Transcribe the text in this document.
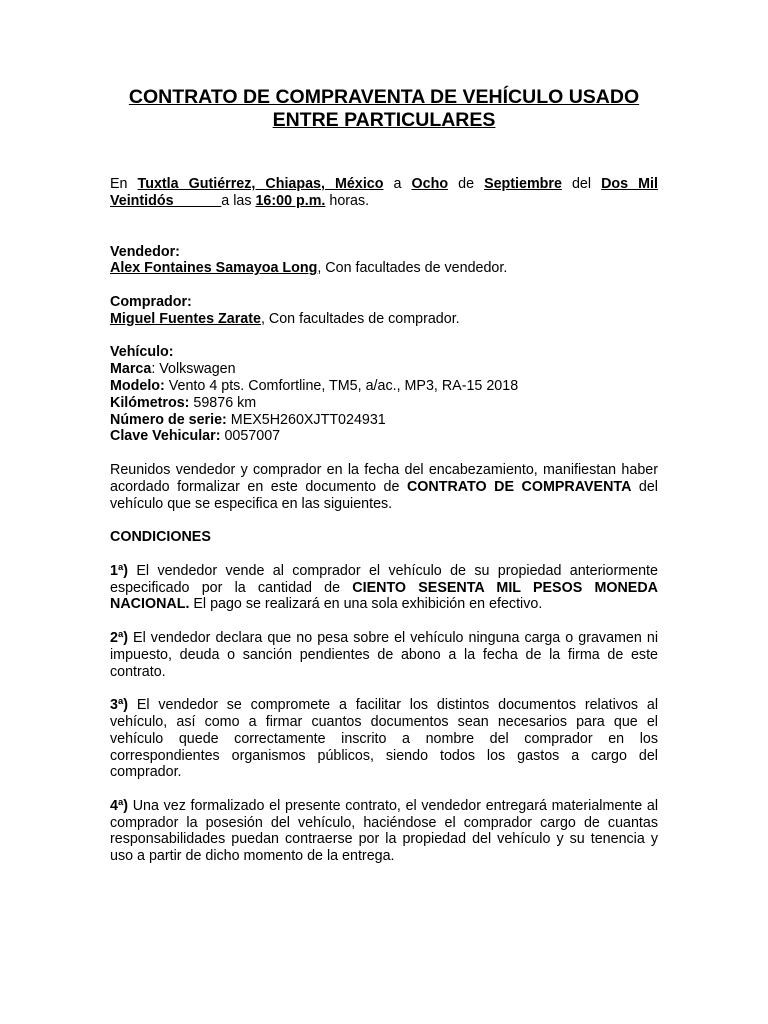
CONTRATO DE COMPRAVENTA DE VEHÍCULO USADO
ENTRE PARTICULARES

En Tuxtla Gutiérrez, Chiapas, México a Ocho de Septiembre del Dos Mil Veintidós______a las 16:00 p.m. horas.

Vendedor:
Alex Fontaines Samayoa Long, Con facultades de vendedor.
Comprador:
Miguel Fuentes Zarate, Con facultades de comprador.
Vehículo:
Marca: Volkswagen
Modelo: Vento 4 pts. Comfortline, TM5, a/ac., MP3, RA-15 2018
Kilómetros: 59876 km
Número de serie: MEX5H260XJTT024931
Clave Vehicular: 0057007

Reunidos vendedor y comprador en la fecha del encabezamiento, manifiestan haber acordado formalizar en este documento de CONTRATO DE COMPRAVENTA del vehículo que se especifica en las siguientes.

CONDICIONES

1ª) El vendedor vende al comprador el vehículo de su propiedad anteriormente especificado por la cantidad de CIENTO SESENTA MIL PESOS MONEDA NACIONAL. El pago se realizará en una sola exhibición en efectivo.

2ª) El vendedor declara que no pesa sobre el vehículo ninguna carga o gravamen ni impuesto, deuda o sanción pendientes de abono a la fecha de la firma de este contrato.

3ª) El vendedor se compromete a facilitar los distintos documentos relativos al vehículo, así como a firmar cuantos documentos sean necesarios para que el vehículo quede correctamente inscrito a nombre del comprador en los correspondientes organismos públicos, siendo todos los gastos a cargo del comprador.

4ª) Una vez formalizado el presente contrato, el vendedor entregará materialmente al comprador la posesión del vehículo, haciéndose el comprador cargo de cuantas responsabilidades puedan contraerse por la propiedad del vehículo y su tenencia y uso a partir de dicho momento de la entrega.
